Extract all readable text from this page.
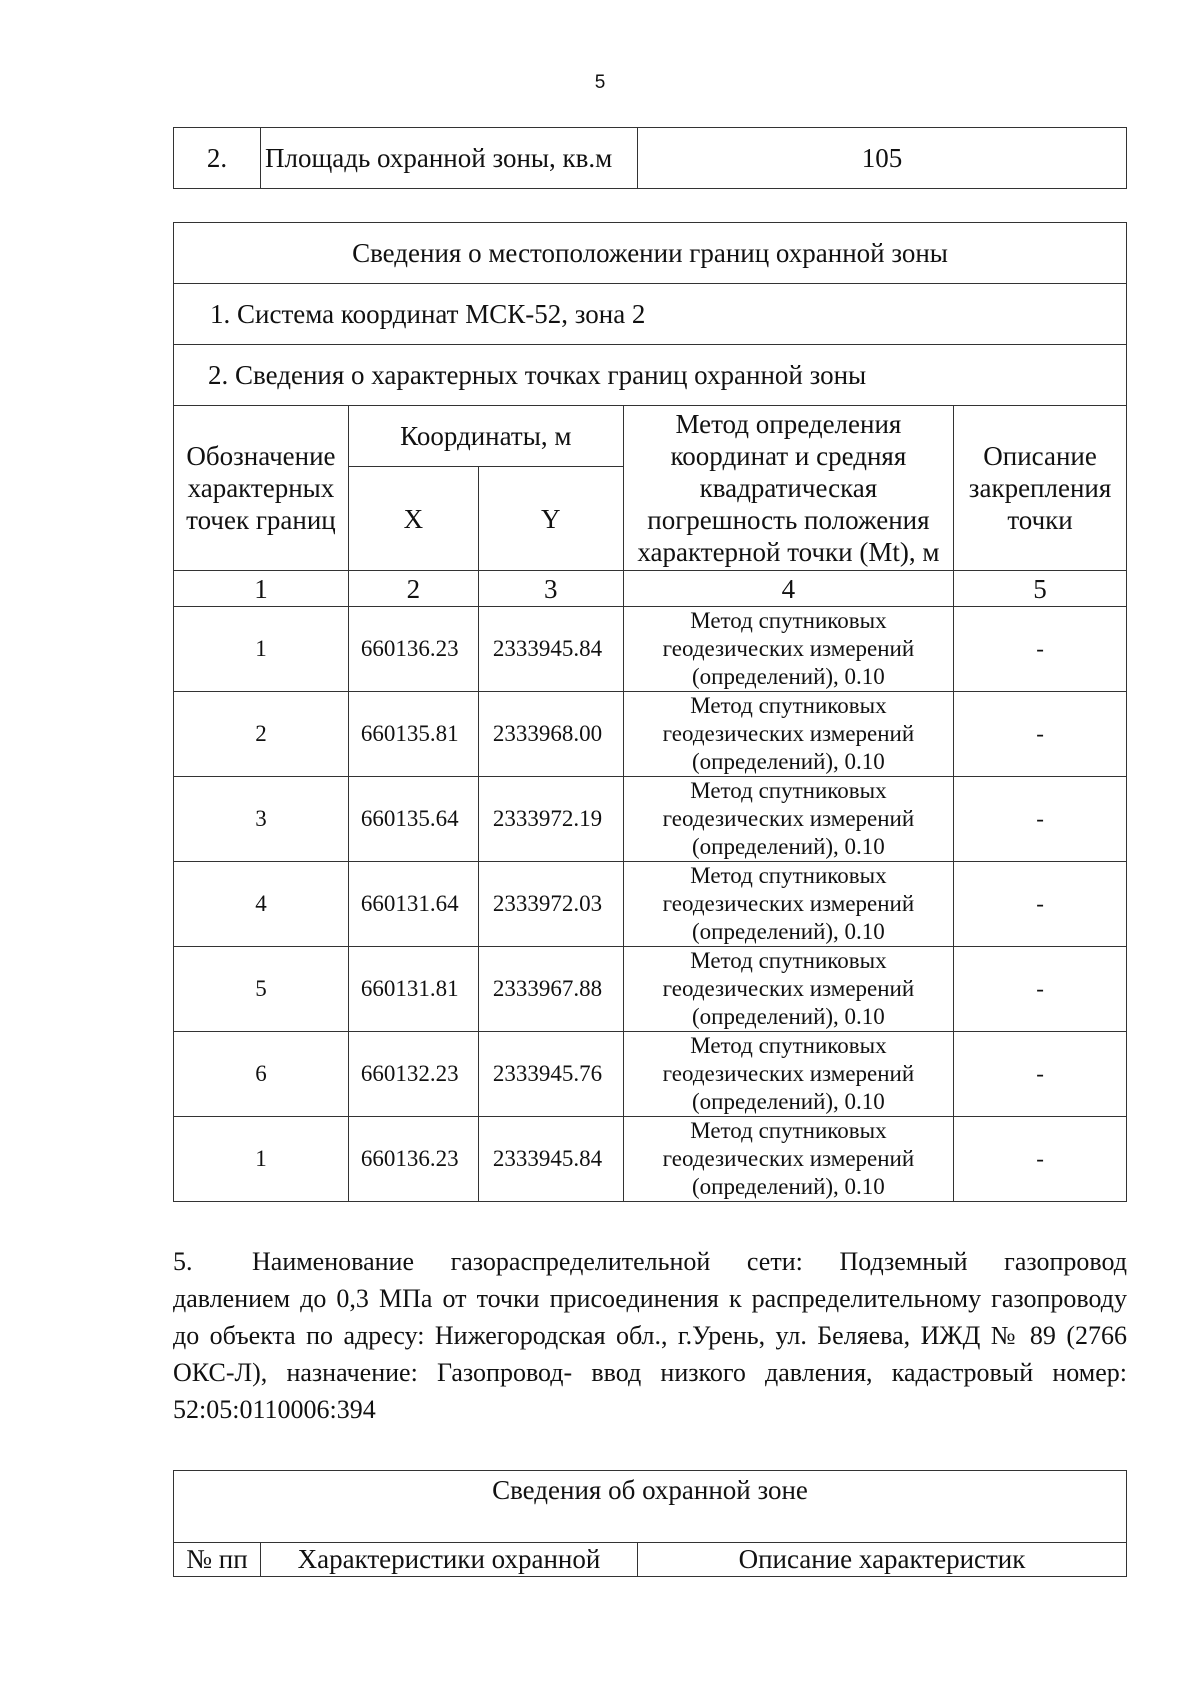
5
2.	Площадь охранной зоны, кв.м	105
Сведения о местоположении границ охранной зоны				
1. Система координат МСК-52, зона 2				
2. Сведения о характерных точках границ охранной зоны				
Обозначение характерных точек границ	Координаты, м		Метод определения координат и средняя квадратическая погрешность положения характерной точки (Mt), м	Описание закрепления точки
	X	Y		
1	2	3	4	5
1	660136.23	2333945.84	Метод спутниковых геодезических измерений (определений), 0.10	-
2	660135.81	2333968.00	Метод спутниковых геодезических измерений (определений), 0.10	-
3	660135.64	2333972.19	Метод спутниковых геодезических измерений (определений), 0.10	-
4	660131.64	2333972.03	Метод спутниковых геодезических измерений (определений), 0.10	-
5	660131.81	2333967.88	Метод спутниковых геодезических измерений (определений), 0.10	-
6	660132.23	2333945.76	Метод спутниковых геодезических измерений (определений), 0.10	-
1	660136.23	2333945.84	Метод спутниковых геодезических измерений (определений), 0.10	-
5. Наименование газораспределительной сети: Подземный газопровод давлением до 0,3 МПа от точки присоединения к распределительному газопроводу до объекта по адресу: Нижегородская обл., г.Урень, ул. Беляева, ИЖД № 89 (2766 ОКС-Л), назначение: Газопровод- ввод низкого давления, кадастровый номер: 52:05:0110006:394
Сведения об охранной зоне
№ пп	Характеристики охранной	Описание характеристик
